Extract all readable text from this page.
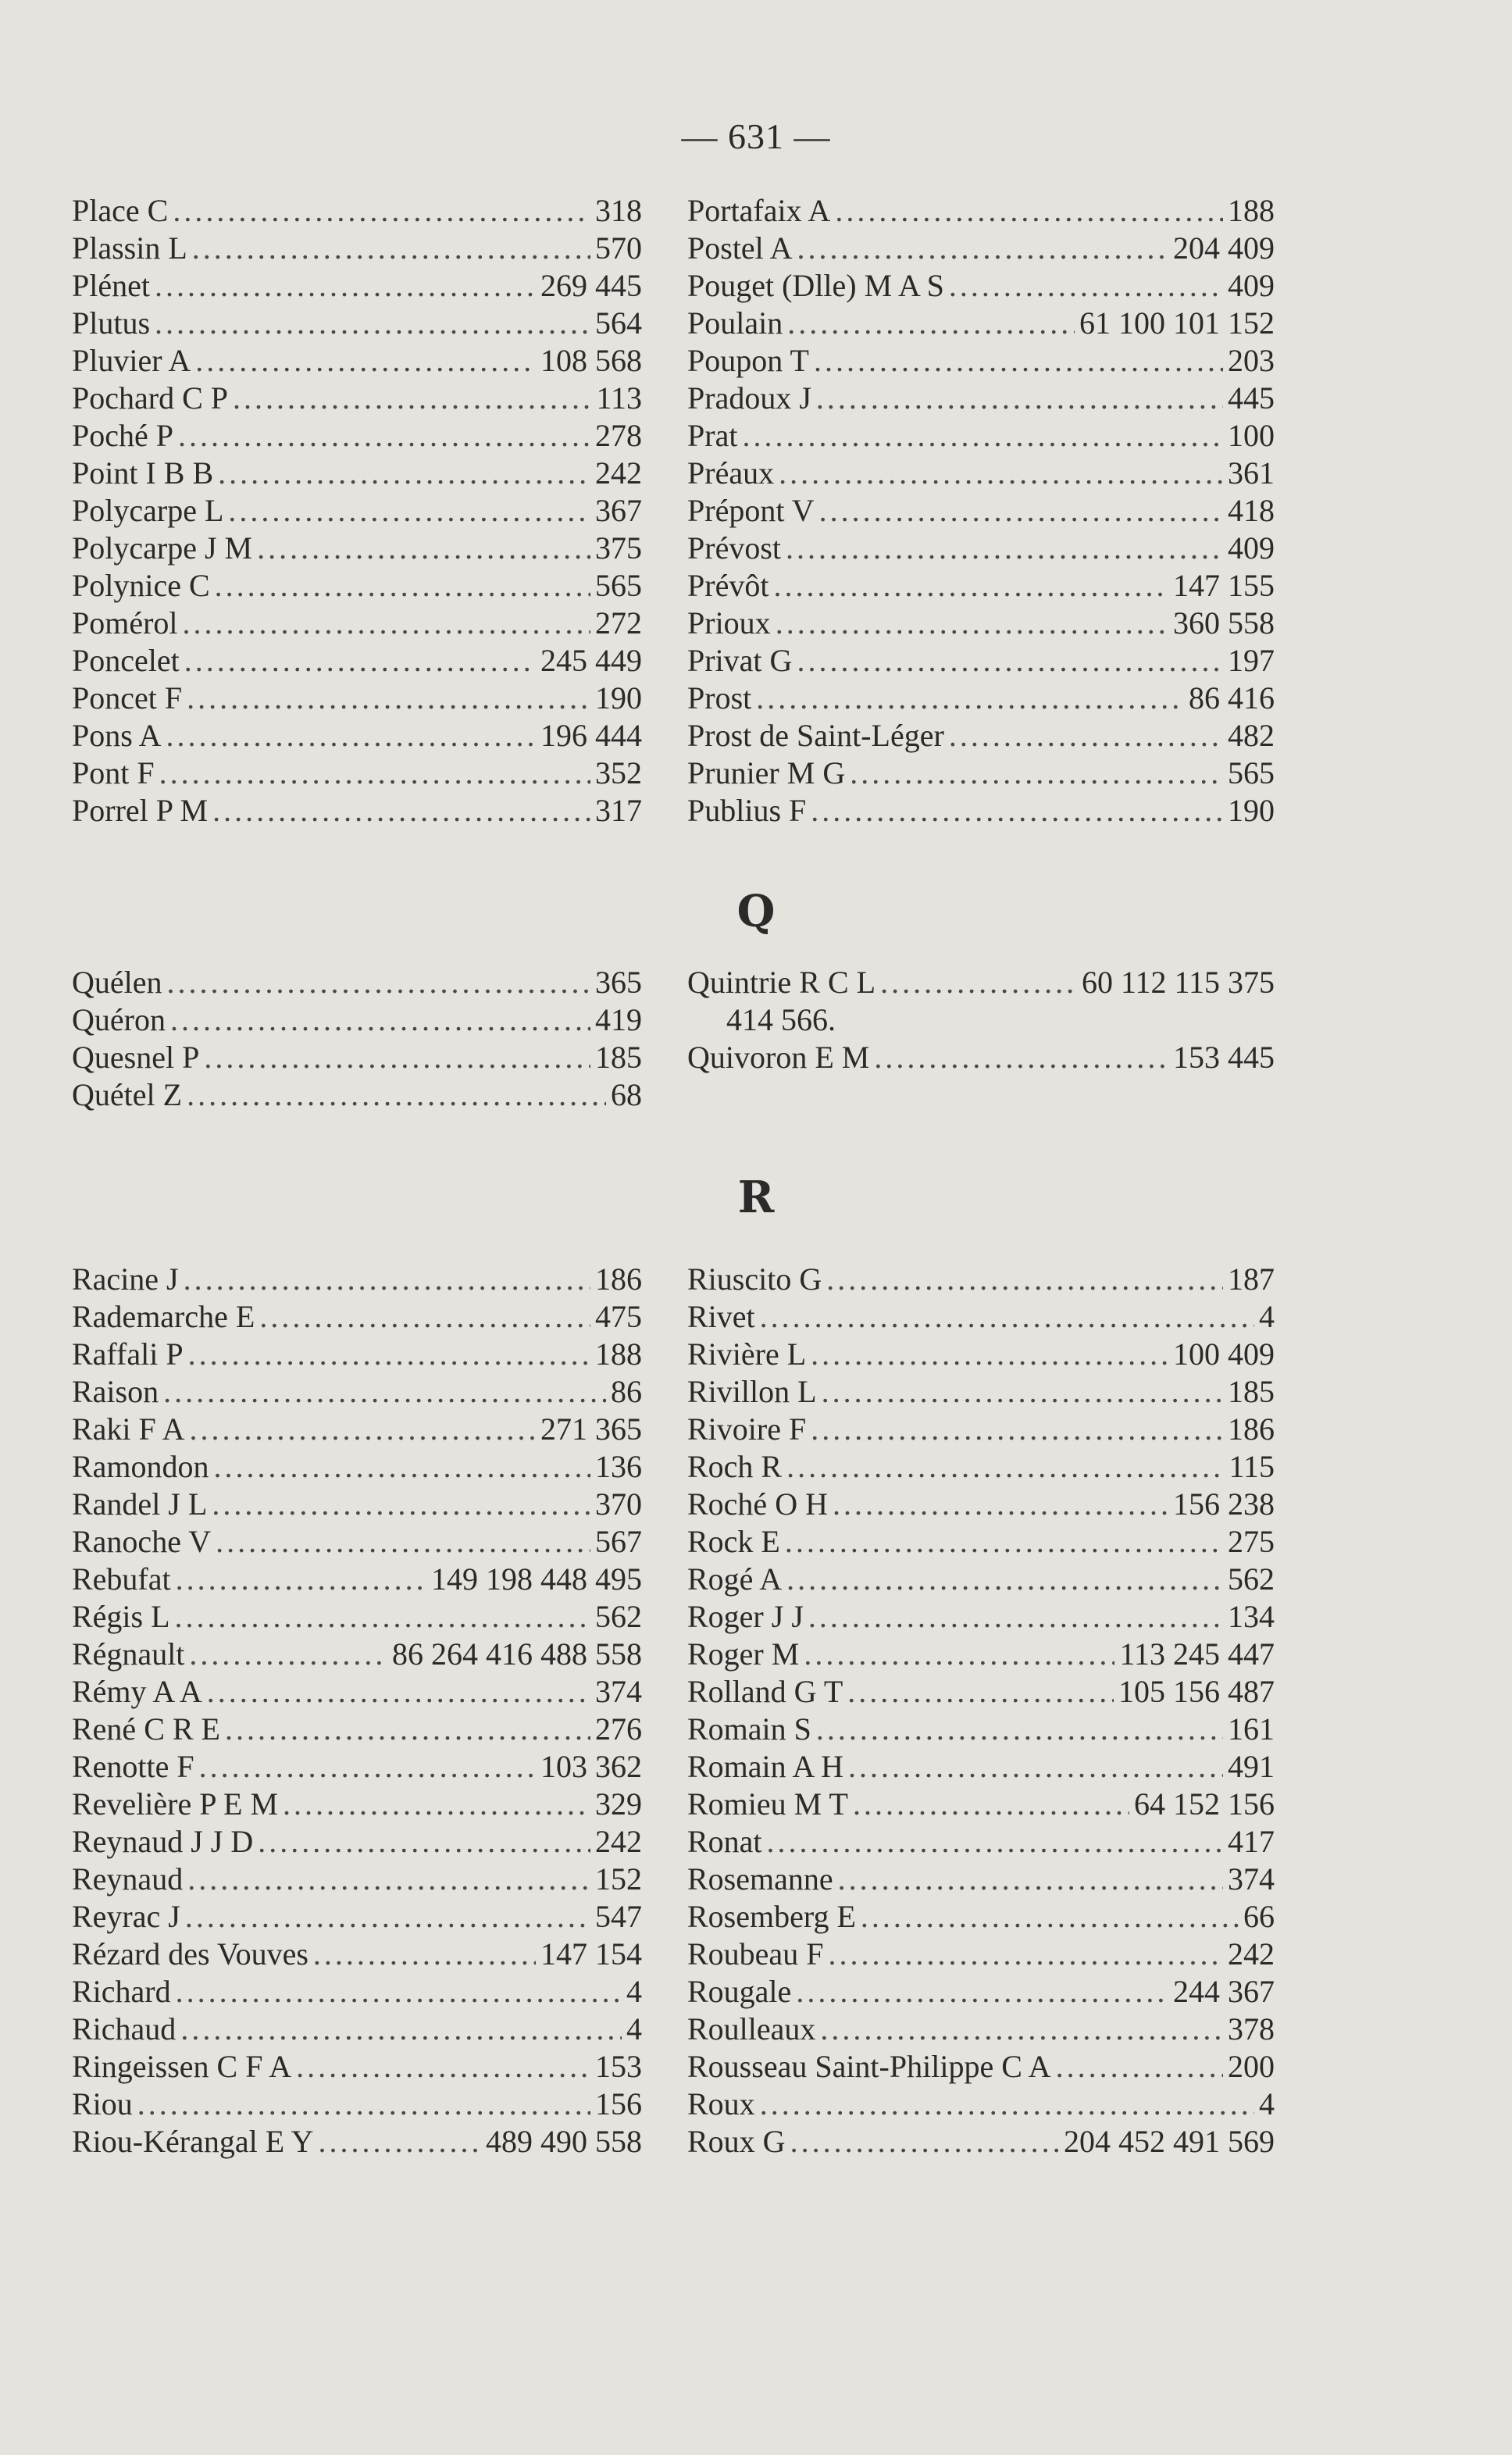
— 631 —
Place C . . .	318
Plassin L . . .	570
Plénet . . .	269 445
Plutus . . .	564
Pluvier A . . .	108 568
Pochard C P . . .	113
Poché P . . .	278
Point I B B . . .	242
Polycarpe L . . .	367
Polycarpe J M . . .	375
Polynice C . . .	565
Pomérol . . .	272
Poncelet . . .	245 449
Poncet F . . .	190
Pons A . . .	196 444
Pont F . . .	352
Porrel P M . . .	317
Portafaix A . . .	188
Postel A . . .	204 409
Pouget (Dlle) M A S . . .	409
Poulain . . .	61 100 101 152
Poupon T . . .	203
Pradoux J . . .	445
Prat . . .	100
Préaux . . .	361
Prépont V . . .	418
Prévost . . .	409
Prévôt . . .	147 155
Prioux . . .	360 558
Privat G . . .	197
Prost . . .	86 416
Prost de Saint-Léger . . .	482
Prunier M G . . .	565
Publius F . . .	190
Q
Quélen . . .	365
Quéron . . .	419
Quesnel P . . .	185
Quétel Z . . .	68
Quintrie R C L . . .	60 112 115 375
414 566.
Quivoron E M . . .	153 445
R
Racine J . . .	186
Rademarche E . . .	475
Raffali P . . .	188
Raison . . .	86
Raki F A . . .	271 365
Ramondon . . .	136
Randel J L . . .	370
Ranoche V . . .	567
Rebufat . . .	149 198 448 495
Régis L . . .	562
Régnault . . .	86 264 416 488 558
Rémy A A . . .	374
René C R E . . .	276
Renotte F . . .	103 362
Revelière P E M . . .	329
Reynaud J J D . . .	242
Reynaud . . .	152
Reyrac J . . .	547
Rézard des Vouves . . .	147 154
Richard . . .	4
Richaud . . .	4
Ringeissen C F A . . .	153
Riou . . .	156
Riou-Kérangal E Y . . .	489 490 558
Riuscito G . . .	187
Rivet . . .	4
Rivière L . . .	100 409
Rivillon L . . .	185
Rivoire F . . .	186
Roch R . . .	115
Roché O H . . .	156 238
Rock E . . .	275
Rogé A . . .	562
Roger J J . . .	134
Roger M . . .	113 245 447
Rolland G T . . .	105 156 487
Romain S . . .	161
Romain A H . . .	491
Romieu M T . . .	64 152 156
Ronat . . .	417
Rosemanne . . .	374
Rosemberg E . . .	66
Roubeau F . . .	242
Rougale . . .	244 367
Roulleaux . . .	378
Rousseau Saint-Philippe C A . . .	200
Roux . . .	4
Roux G . . .	204 452 491 569
